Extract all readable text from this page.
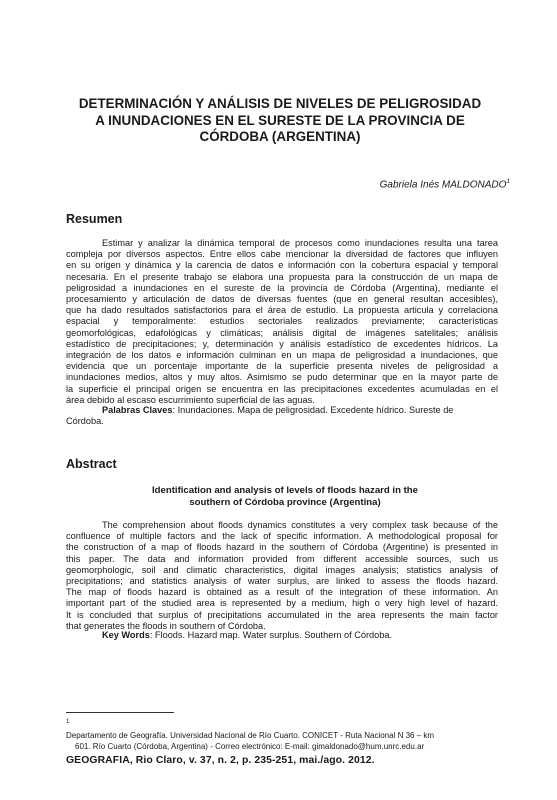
DETERMINACIÓN Y ANÁLISIS DE NIVELES DE PELIGROSIDAD
A INUNDACIONES EN EL SURESTE DE LA PROVINCIA DE
CÓRDOBA (ARGENTINA)

Gabriela Inés MALDONADO$^1$

Resumen
Estimar y analizar la dinámica temporal de procesos como inundaciones resulta una tarea
compleja por diversos aspectos. Entre ellos cabe mencionar la diversidad de factores que influyen
en su origen y dinámica y la carencia de datos e información con la cobertura espacial y temporal
necesaria. En el presente trabajo se elabora una propuesta para la construcción de un mapa de
peligrosidad a inundaciones en el sureste de la provincia de Córdoba (Argentina), mediante el
procesamiento y articulación de datos de diversas fuentes (que en general resultan accesibles),
que ha dado resultados satisfactorios para el área de estudio. La propuesta articula y correlaciona
espacial y temporalmente: estudios sectoriales realizados previamente; características
geomorfológicas, edafológicas y climáticas; análisis digital de imágenes satelitales; análisis
estadístico de precipitaciones; y, determinación y análisis estadístico de excedentes hídricos. La
integración de los datos e información culminan en un mapa de peligrosidad a inundaciones, que
evidencia que un porcentaje importante de la superficie presenta niveles de peligrosidad a
inundaciones medios, altos y muy altos. Asimismo se pudo determinar que en la mayor parte de
la superficie el principal origen se encuentra en las precipitaciones excedentes acumuladas en el
área debido al escaso escurrimiento superficial de las aguas.
Palabras Claves: Inundaciones. Mapa de peligrosidad. Excedente hídrico. Sureste de
Córdoba.
Abstract
Identification and analysis of levels of floods hazard in the
southern of Córdoba province (Argentina)
The comprehension about floods dynamics constitutes a very complex task because of the
confluence of multiple factors and the lack of specific information. A methodological proposal for
the construction of a map of floods hazard in the southern of Córdoba (Argentine) is presented in
this paper. The data and information provided from different accessible sources, such us
geomorphologic, soil and climatic characteristics, digital images analysis; statistics analysis of
precipitations; and statistics analysis of water surplus, are linked to assess the floods hazard.
The map of floods hazard is obtained as a result of the integration of these information. An
important part of the studied area is represented by a medium, high o very high level of hazard.
It is concluded that surplus of precipitations accumulated in the area represents the main factor
that generates the floods in southern of Córdoba.

Key Words: Floods. Hazard map. Water surplus. Southern of Córdoba.

$^1$
Departamento de Geografía. Universidad Nacional de Río Cuarto. CONICET - Ruta Nacional N 36 – km
601. Río Cuarto (Córdoba, Argentina) - Correo electrónico: E-mail: gimaldonado@hum.unrc.edu.ar

GEOGRAFIA, Rio Claro, v. 37, n. 2, p. 235-251, mai./ago. 2012.
